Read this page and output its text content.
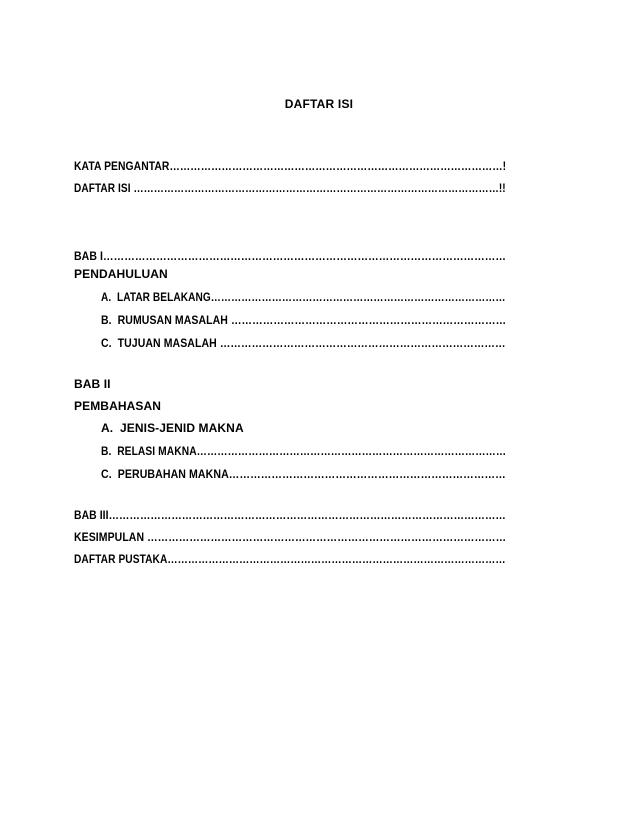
DAFTAR ISI
KATA PENGANTAR……………………………………………………………………………………!
DAFTAR ISI ………………………………………………………………………………………………!!
BAB I……………………………………………………………………………………………………
PENDAHULUAN
A. LATAR BELAKANG……………………………………………………………………………
B. RUMUSAN MASALAH ……………………………………………………………………
C. TUJUAN MASALAH ………………………………………………………………………
BAB II
PEMBAHASAN
A. JENIS-JENID MAKNA
B. RELASI MAKNA………………………………………………………………………………
C. PERUBAHAN MAKNA……………………………………………………………………
BAB III……………………………………………………………………………………………………
KESIMPULAN …………………………………………………………………………………………
DAFTAR PUSTAKA………………………………………………………………………………………
